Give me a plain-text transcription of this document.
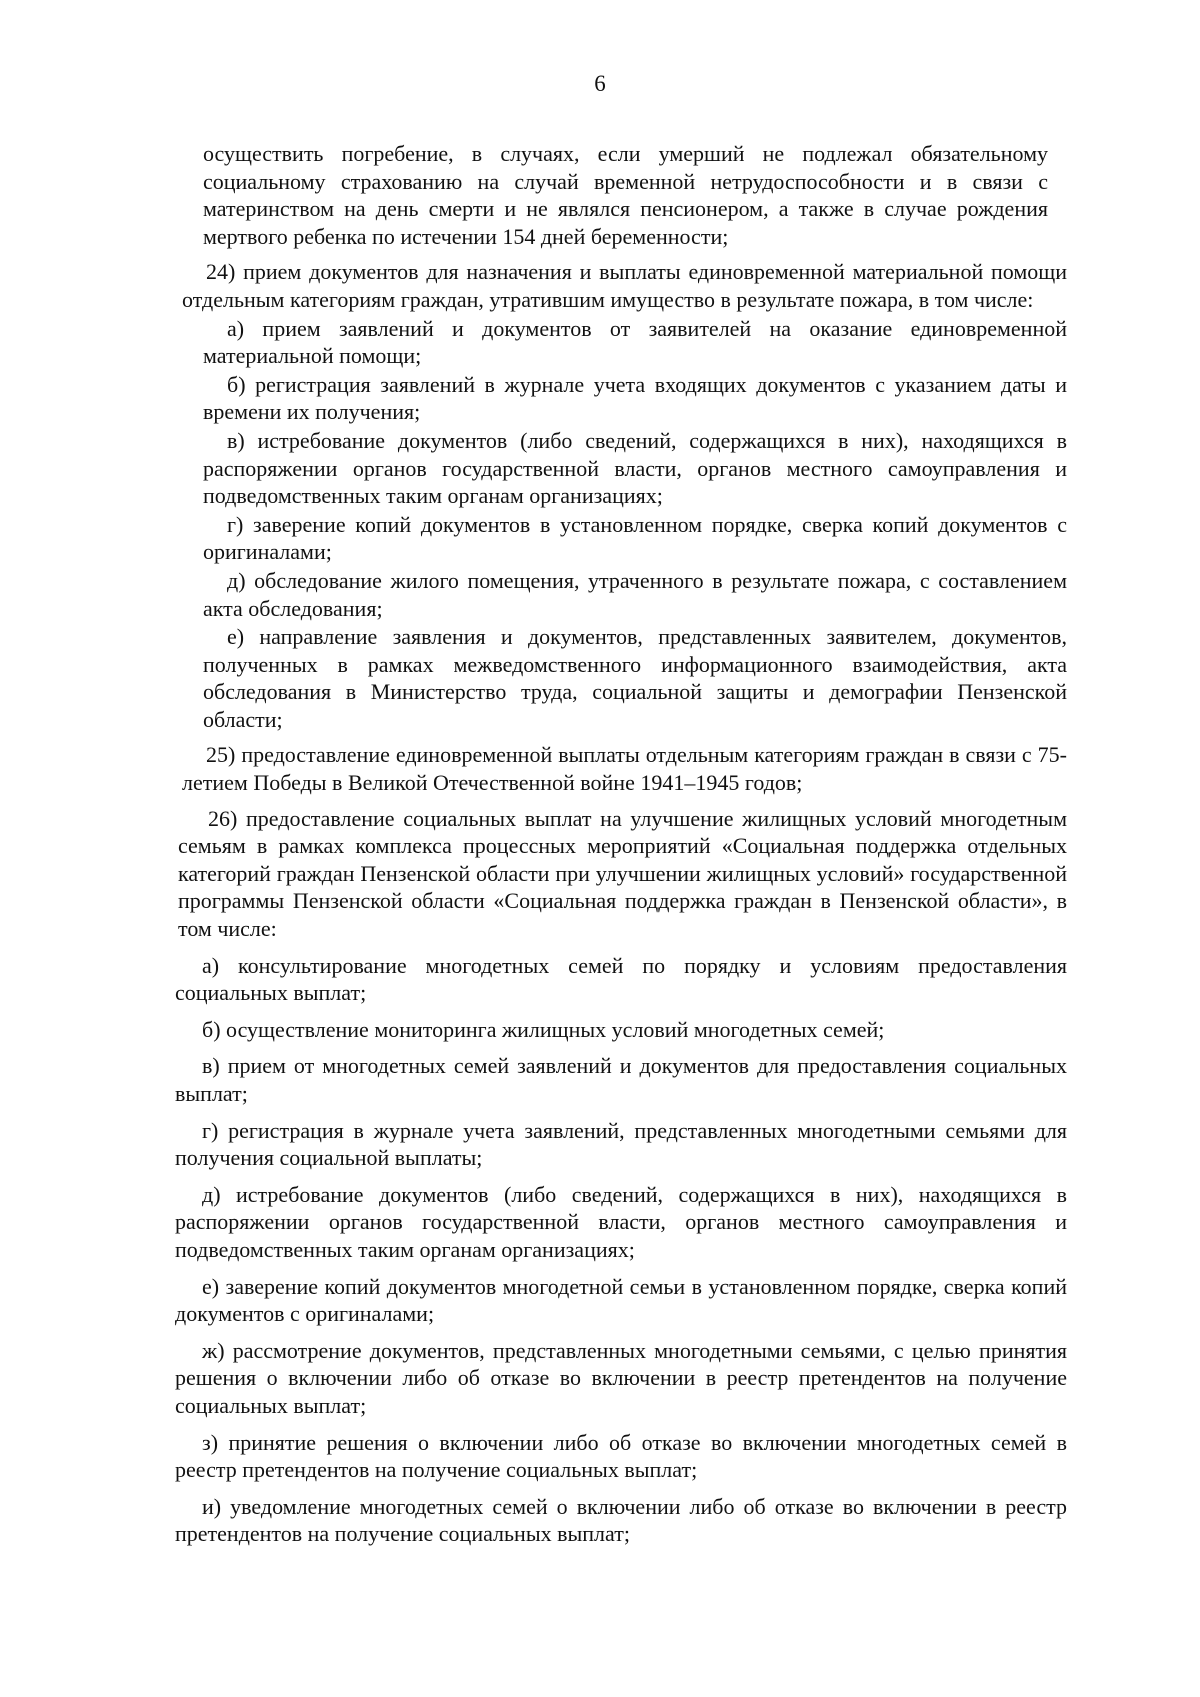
6

осуществить погребение, в случаях, если умерший не подлежал обязательному социальному страхованию на случай временной нетрудоспособности и в связи с материнством на день смерти и не являлся пенсионером, а также в случае рождения мертвого ребенка по истечении 154 дней беременности;

24) прием документов для назначения и выплаты единовременной материальной помощи отдельным категориям граждан, утратившим имущество в результате пожара, в том числе:

а) прием заявлений и документов от заявителей на оказание единовременной материальной помощи;

б) регистрация заявлений в журнале учета входящих документов с указанием даты и времени их получения;

в) истребование документов (либо сведений, содержащихся в них), находящихся в распоряжении органов государственной власти, органов местного самоуправления и подведомственных таким органам организациях;

г) заверение копий документов в установленном порядке, сверка копий документов с оригиналами;

д) обследование жилого помещения, утраченного в результате пожара, с составлением акта обследования;

е) направление заявления и документов, представленных заявителем, документов, полученных в рамках межведомственного информационного взаимодействия, акта обследования в Министерство труда, социальной защиты и демографии Пензенской области;

25) предоставление единовременной выплаты отдельным категориям граждан в связи с 75-летием Победы в Великой Отечественной войне 1941–1945 годов;

26) предоставление социальных выплат на улучшение жилищных условий многодетным семьям в рамках комплекса процессных мероприятий «Социальная поддержка отдельных категорий граждан Пензенской области при улучшении жилищных условий» государственной программы Пензенской области «Социальная поддержка граждан в Пензенской области», в том числе:

а) консультирование многодетных семей по порядку и условиям предоставления социальных выплат;

б) осуществление мониторинга жилищных условий многодетных семей;

в) прием от многодетных семей заявлений и документов для предоставления социальных выплат;

г) регистрация в журнале учета заявлений, представленных многодетными семьями для получения социальной выплаты;

д) истребование документов (либо сведений, содержащихся в них), находящихся в распоряжении органов государственной власти, органов местного самоуправления и подведомственных таким органам организациях;

е) заверение копий документов многодетной семьи в установленном порядке, сверка копий документов с оригиналами;

ж) рассмотрение документов, представленных многодетными семьями, с целью принятия решения о включении либо об отказе во включении в реестр претендентов на получение социальных выплат;

з) принятие решения о включении либо об отказе во включении многодетных семей в реестр претендентов на получение социальных выплат;

и) уведомление многодетных семей о включении либо об отказе во включении в реестр претендентов на получение социальных выплат;
